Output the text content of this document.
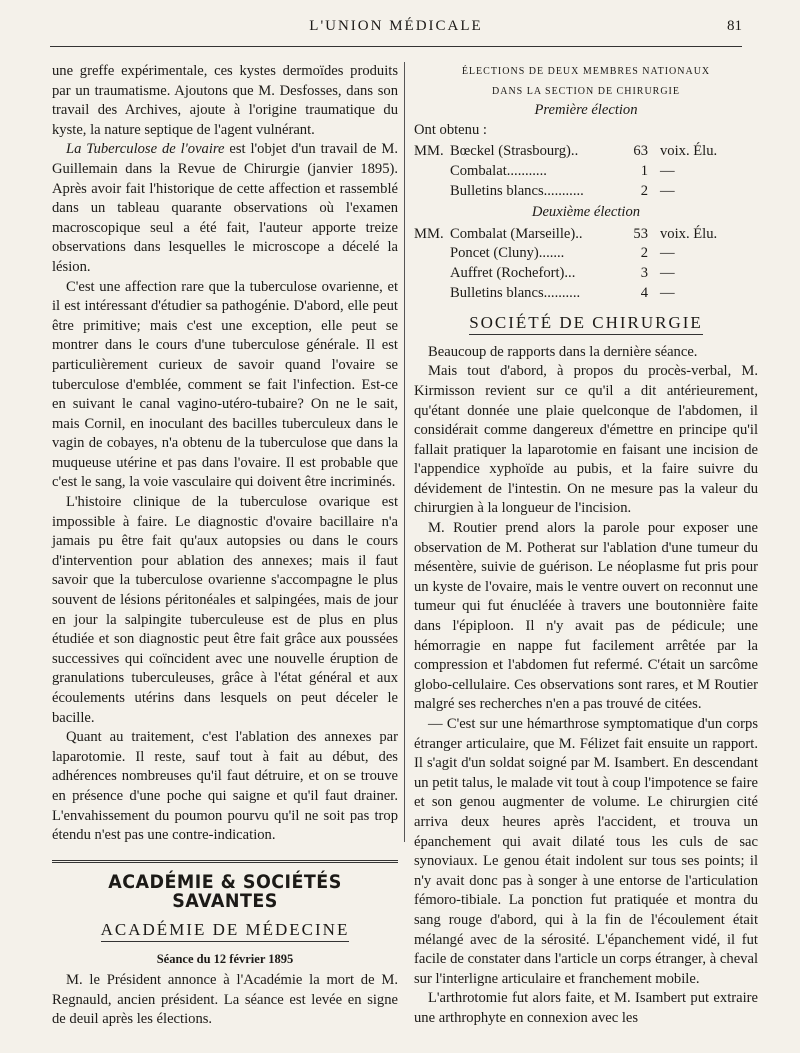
L'UNION MÉDICALE	81

une greffe expérimentale, ces kystes dermoïdes produits par un traumatisme. Ajoutons que M. Desfosses, dans son travail des Archives, ajoute à l'origine traumatique du kyste, la nature septique de l'agent vulnérant.

La Tuberculose de l'ovaire est l'objet d'un travail de M. Guillemain dans la Revue de Chirurgie (janvier 1895). Après avoir fait l'historique de cette affection et rassemblé dans un tableau quarante observations où l'examen macroscopique seul a été fait, l'auteur apporte treize observations dans lesquelles le microscope a décelé la lésion.

C'est une affection rare que la tuberculose ovarienne, et il est intéressant d'étudier sa pathogénie. D'abord, elle peut être primitive; mais c'est une exception, elle peut se montrer dans le cours d'une tuberculose générale. Il est particulièrement curieux de savoir quand l'ovaire se tuberculose d'emblée, comment se fait l'infection. Est-ce en suivant le canal vagino-utéro-tubaire? On ne le sait, mais Cornil, en inoculant des bacilles tuberculeux dans le vagin de cobayes, n'a obtenu de la tuberculose que dans la muqueuse utérine et pas dans l'ovaire. Il est probable que c'est le sang, la voie vasculaire qui doivent être incriminés.

L'histoire clinique de la tuberculose ovarique est impossible à faire. Le diagnostic d'ovaire bacillaire n'a jamais pu être fait qu'aux autopsies ou dans le cours d'intervention pour ablation des annexes; mais il faut savoir que la tuberculose ovarienne s'accompagne le plus souvent de lésions péritonéales et salpingées, mais de jour en jour la salpingite tuberculeuse est de plus en plus étudiée et son diagnostic peut être fait grâce aux poussées successives qui coïncident avec une nouvelle éruption de granulations tuberculeuses, grâce à l'état général et aux écoulements utérins dans lesquels on peut déceler le bacille.

Quant au traitement, c'est l'ablation des annexes par laparotomie. Il reste, sauf tout à fait au début, des adhérences nombreuses qu'il faut détruire, et on se trouve en présence d'une poche qui saigne et qu'il faut drainer. L'envahissement du poumon pourvu qu'il ne soit pas trop étendu n'est pas une contre-indication.

ACADÉMIE & SOCIÉTÉS SAVANTES
ACADÉMIE DE MÉDECINE
Séance du 12 février 1895

M. le Président annonce à l'Académie la mort de M. Regnauld, ancien président. La séance est levée en signe de deuil après les élections.

ÉLECTIONS DE DEUX MEMBRES NATIONAUX
DANS LA SECTION DE CHIRURGIE
Première élection
Ont obtenu :
MM. Bœckel (Strasbourg)..	63 voix. Élu.
Combalat...........	1 —
Bulletins blancs...........	2 —
Deuxième élection
MM. Combalat (Marseille)..	53 voix. Élu.
Poncet (Cluny).......	2 —
Auffret (Rochefort)...	3 —
Bulletins blancs..........	4 —
SOCIÉTÉ DE CHIRURGIE

Beaucoup de rapports dans la dernière séance.

Mais tout d'abord, à propos du procès-verbal, M. Kirmisson revient sur ce qu'il a dit antérieurement, qu'étant donnée une plaie quelconque de l'abdomen, il considérait comme dangereux d'émettre en principe qu'il fallait pratiquer la laparotomie en faisant une incision de l'appendice xyphoïde au pubis, et la faire suivre du dévidement de l'intestin. On ne mesure pas la valeur du chirurgien à la longueur de l'incision.

M. Routier prend alors la parole pour exposer une observation de M. Potherat sur l'ablation d'une tumeur du mésentère, suivie de guérison. Le néoplasme fut pris pour un kyste de l'ovaire, mais le ventre ouvert on reconnut une tumeur qui fut énucléée à travers une boutonnière faite dans l'épiploon. Il n'y avait pas de pédicule; une hémorragie en nappe fut facilement arrêtée par la compression et l'abdomen fut refermé. C'était un sarcôme globo-cellulaire. Ces observations sont rares, et M Routier malgré ses recherches n'en a pas trouvé de citées.

— C'est sur une hémarthrose symptomatique d'un corps étranger articulaire, que M. Félizet fait ensuite un rapport. Il s'agit d'un soldat soigné par M. Isambert. En descendant un petit talus, le malade vit tout à coup l'impotence se faire et son genou augmenter de volume. Le chirurgien cité arriva deux heures après l'accident, et trouva un épanchement qui avait dilaté tous les culs de sac synoviaux. Le genou était indolent sur tous ses points; il n'y avait donc pas à songer à une entorse de l'articulation fémoro-tibiale. La ponction fut pratiquée et montra du sang rouge d'abord, qui à la fin de l'écoulement était mélangé avec de la sérosité. L'épanchement vidé, il fut facile de constater dans l'article un corps étranger, à cheval sur l'interligne articulaire et franchement mobile.

L'arthrotomie fut alors faite, et M. Isambert put extraire une arthrophyte en connexion avec les
